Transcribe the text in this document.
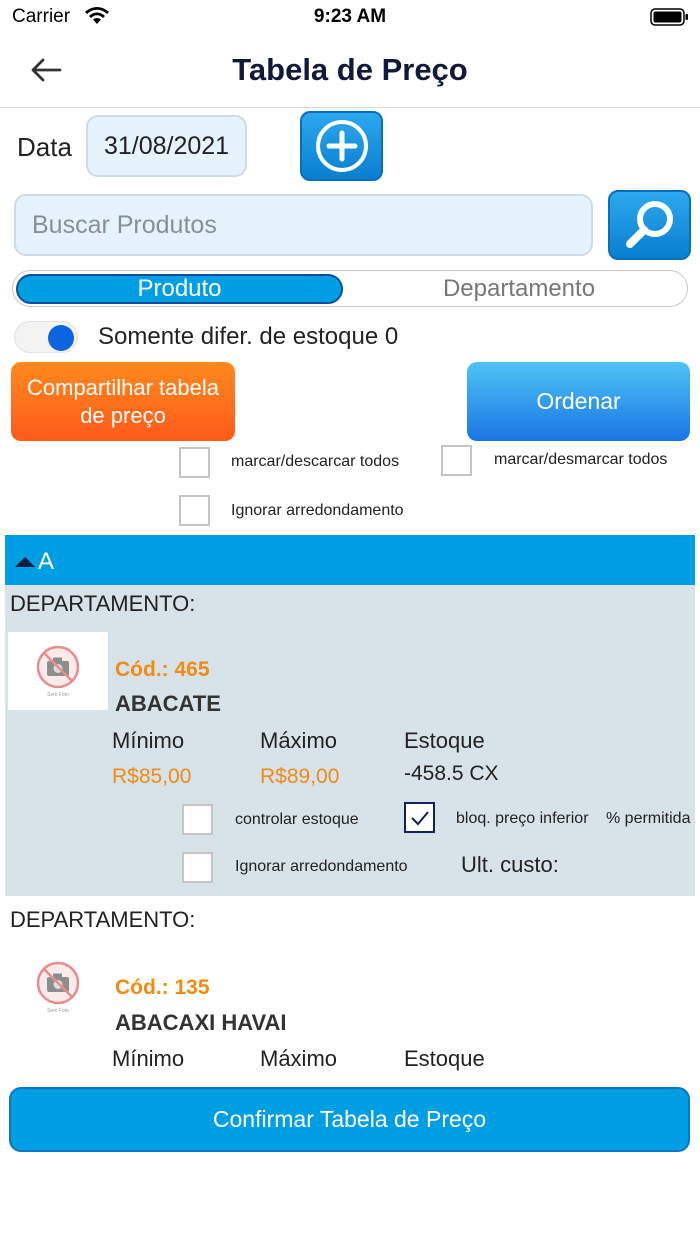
Carrier	9:23 AM
Tabela de Preço
Data	31/08/2021
Buscar Produtos
Produto	Departamento
Somente difer. de estoque 0
Compartilhar tabela de preço
Ordenar
marcar/descarcar todos	marcar/desmarcar todos
Ignorar arredondamento
A
DEPARTAMENTO:
Sem Foto
Cód.: 465
ABACATE
Mínimo	Máximo	Estoque
R$85,00	R$89,00	-458.5 CX
controlar estoque	bloq. preço inferior % permitida
Ignorar arredondamento Ult. custo:
DEPARTAMENTO:
Sem Foto
Cód.: 135
ABACAXI HAVAI
Mínimo	Máximo	Estoque
Confirmar Tabela de Preço
